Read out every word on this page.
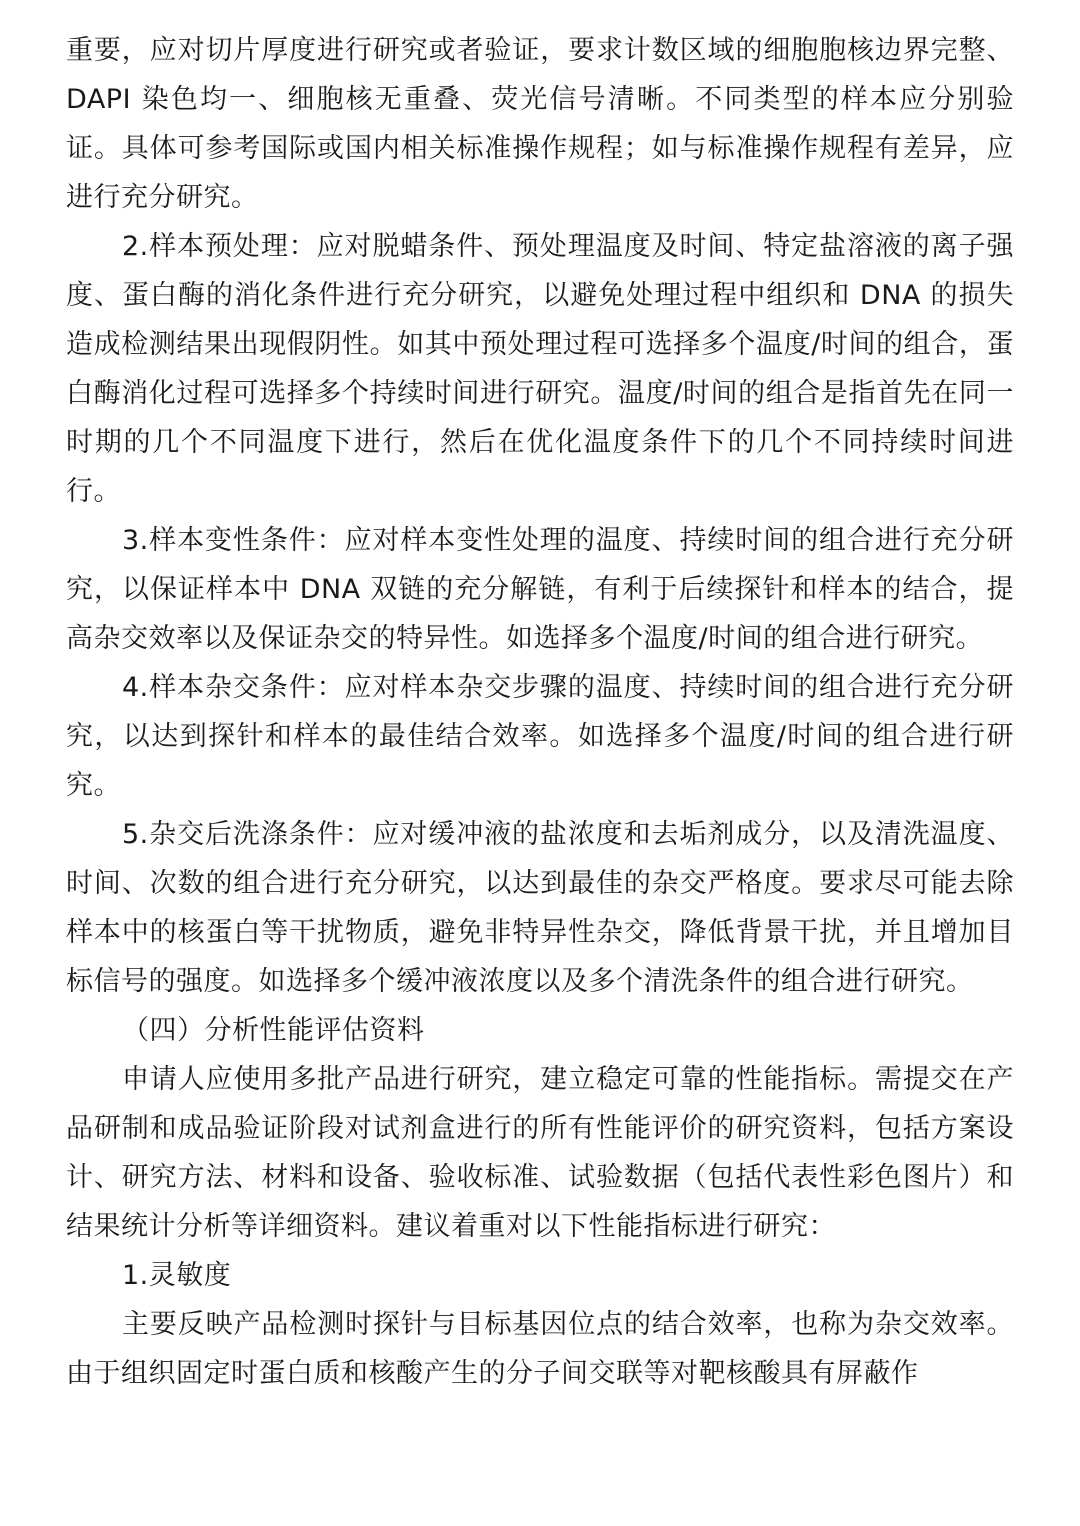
重要，应对切片厚度进行研究或者验证，要求计数区域的细胞胞核边界完整、DAPI 染色均一、细胞核无重叠、荧光信号清晰。不同类型的样本应分别验证。具体可参考国际或国内相关标准操作规程；如与标准操作规程有差异，应进行充分研究。

2.样本预处理：应对脱蜡条件、预处理温度及时间、特定盐溶液的离子强度、蛋白酶的消化条件进行充分研究，以避免处理过程中组织和 DNA 的损失造成检测结果出现假阴性。如其中预处理过程可选择多个温度/时间的组合，蛋白酶消化过程可选择多个持续时间进行研究。温度/时间的组合是指首先在同一时期的几个不同温度下进行，然后在优化温度条件下的几个不同持续时间进行。

3.样本变性条件：应对样本变性处理的温度、持续时间的组合进行充分研究，以保证样本中 DNA 双链的充分解链，有利于后续探针和样本的结合，提高杂交效率以及保证杂交的特异性。如选择多个温度/时间的组合进行研究。

4.样本杂交条件：应对样本杂交步骤的温度、持续时间的组合进行充分研究，以达到探针和样本的最佳结合效率。如选择多个温度/时间的组合进行研究。

5.杂交后洗涤条件：应对缓冲液的盐浓度和去垢剂成分，以及清洗温度、时间、次数的组合进行充分研究，以达到最佳的杂交严格度。要求尽可能去除样本中的核蛋白等干扰物质，避免非特异性杂交，降低背景干扰，并且增加目标信号的强度。如选择多个缓冲液浓度以及多个清洗条件的组合进行研究。

（四）分析性能评估资料

申请人应使用多批产品进行研究，建立稳定可靠的性能指标。需提交在产品研制和成品验证阶段对试剂盒进行的所有性能评价的研究资料，包括方案设计、研究方法、材料和设备、验收标准、试验数据（包括代表性彩色图片）和结果统计分析等详细资料。建议着重对以下性能指标进行研究：

1.灵敏度

主要反映产品检测时探针与目标基因位点的结合效率，也称为杂交效率。由于组织固定时蛋白质和核酸产生的分子间交联等对靶核酸具有屏蔽作
